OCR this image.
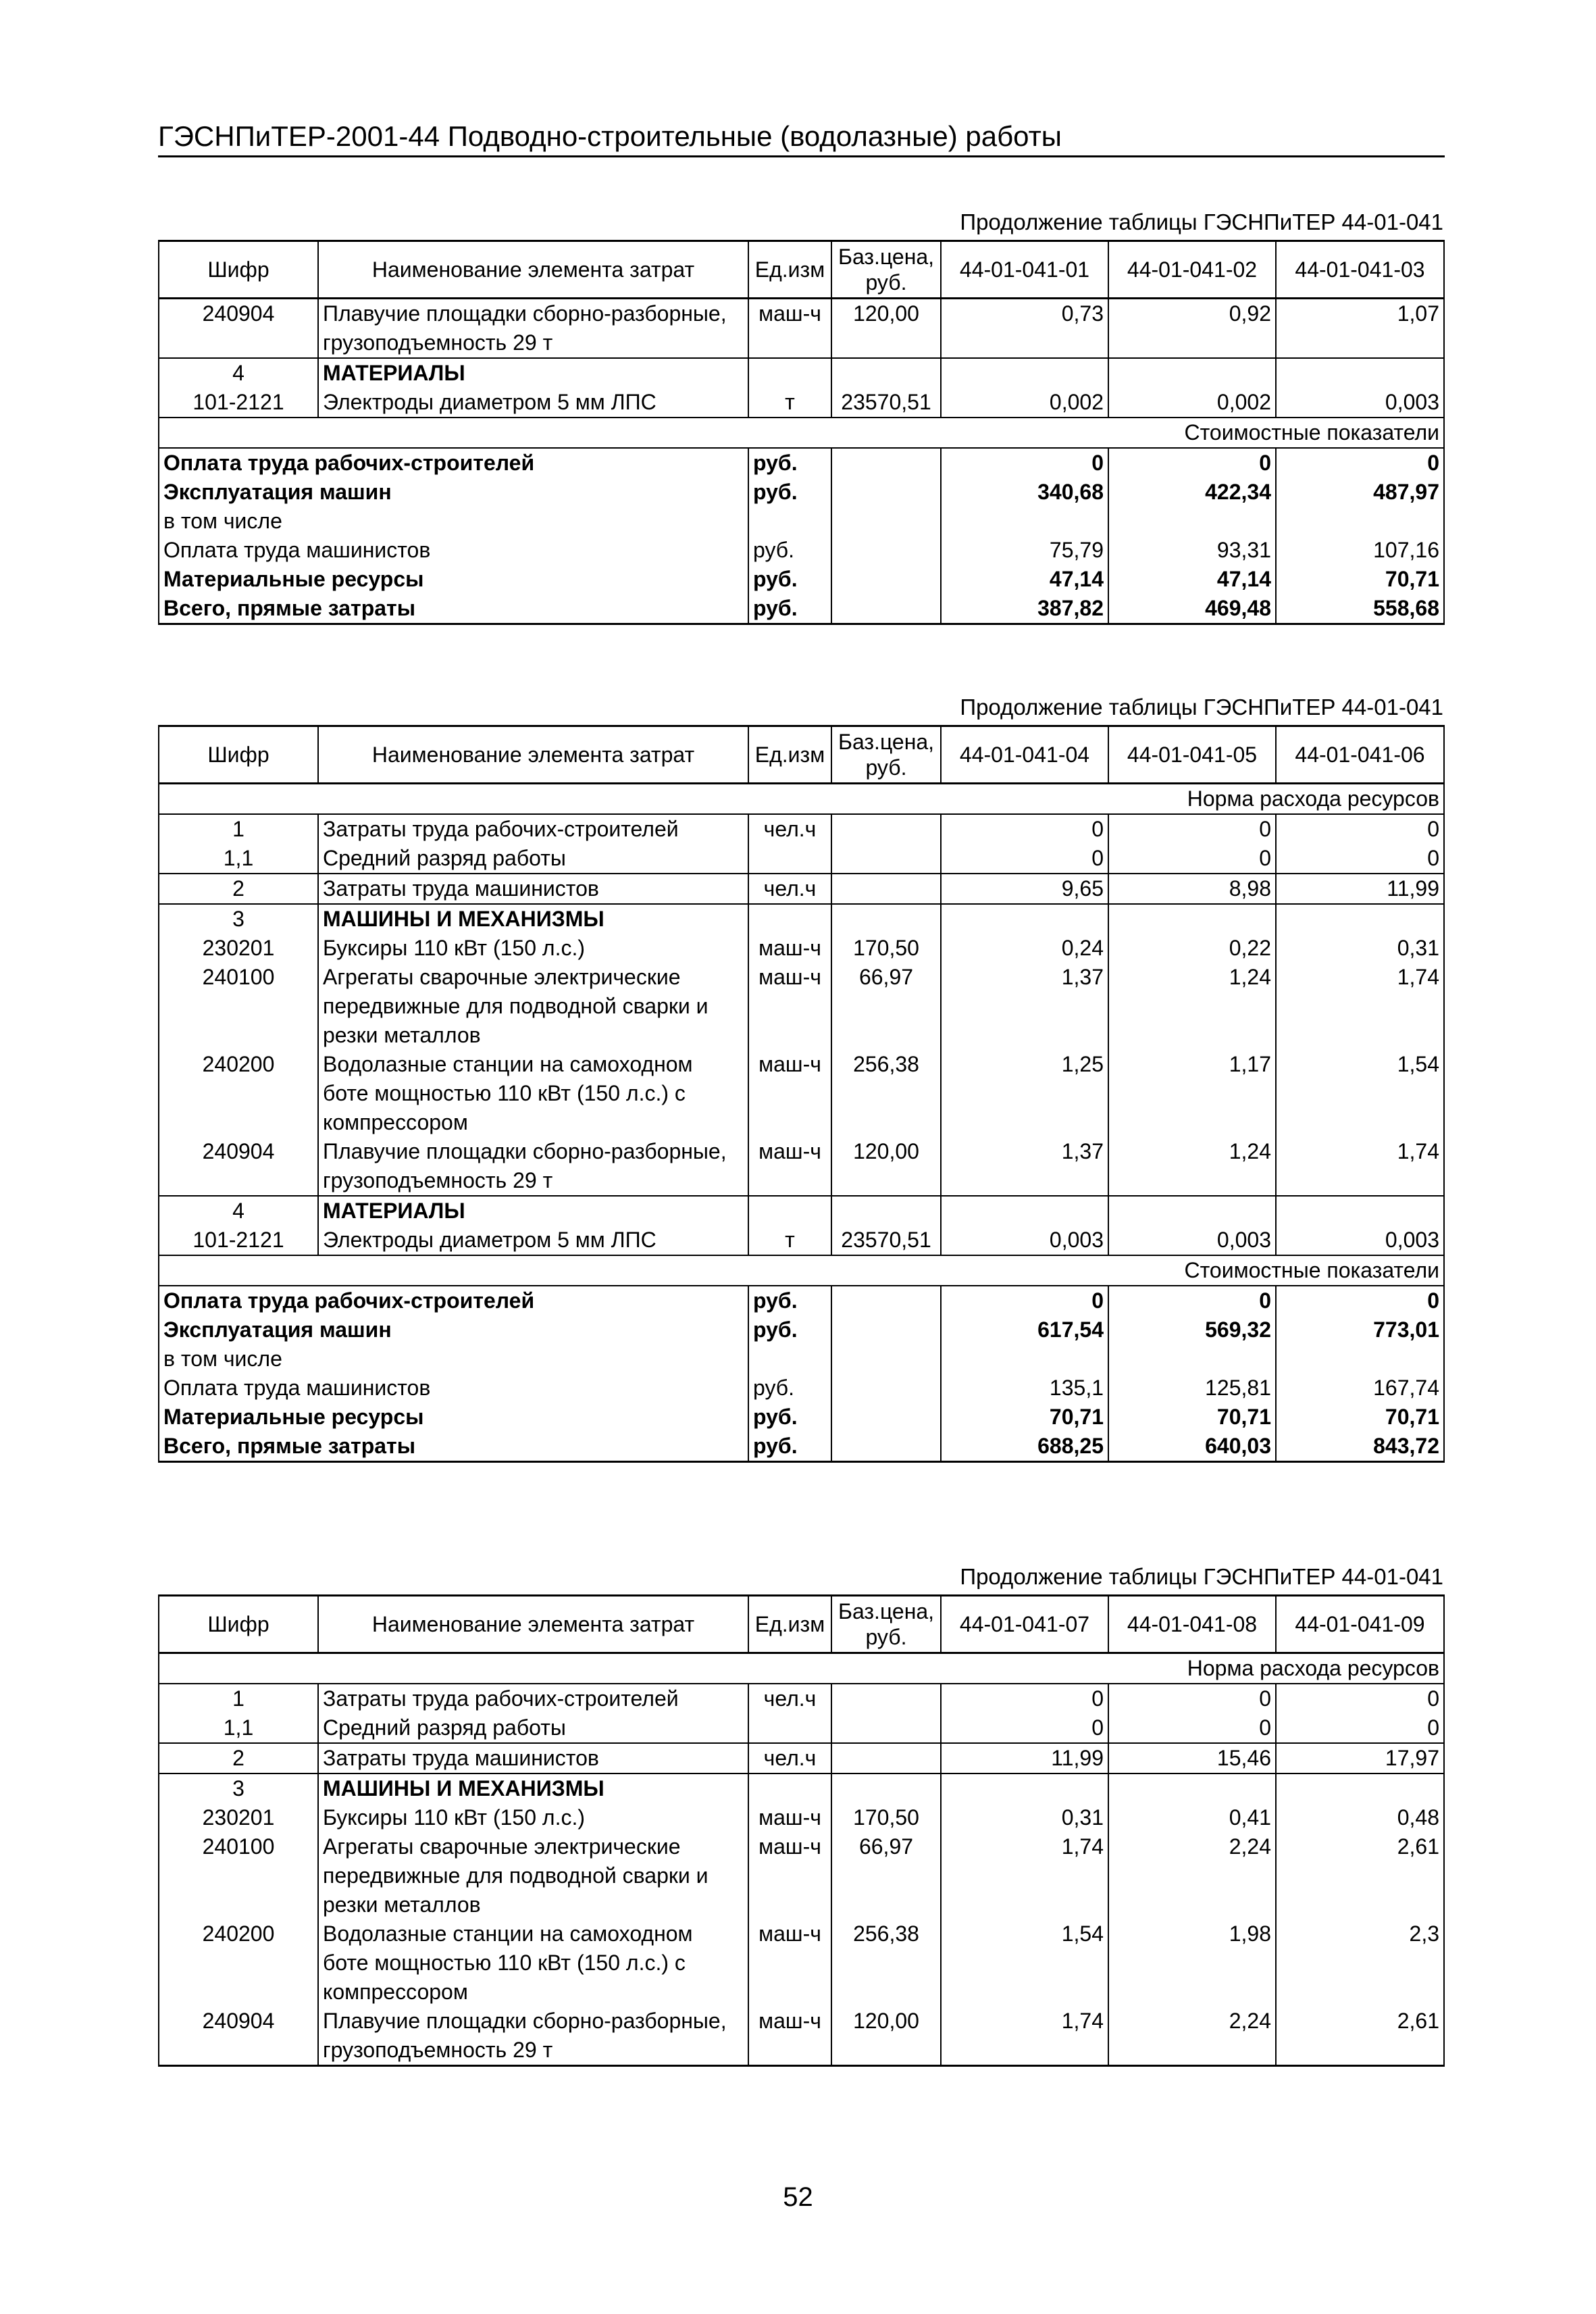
ГЭСНПиТЕР-2001-44 Подводно-строительные (водолазные) работы
Продолжение таблицы ГЭСНПиТЕР 44-01-041
Шифр	Наименование элемента затрат	Ед.изм	Баз.цена, руб.	44-01-041-01	44-01-041-02	44-01-041-03
240904	Плавучие площадки сборно-разборные, грузоподъемность 29 т	маш-ч	120,00	0,73	0,92	1,07
4	МАТЕРИАЛЫ					
101-2121	Электроды диаметром 5 мм ЛПС	т	23570,51	0,002	0,002	0,003
Стоимостные показатели						
Оплата труда рабочих-строителей		руб.		0	0	0
Эксплуатация машин		руб.		340,68	422,34	487,97
в том числе						
Оплата труда машинистов		руб.		75,79	93,31	107,16
Материальные ресурсы		руб.		47,14	47,14	70,71
Всего, прямые затраты		руб.		387,82	469,48	558,68
Продолжение таблицы ГЭСНПиТЕР 44-01-041
Шифр	Наименование элемента затрат	Ед.изм	Баз.цена, руб.	44-01-041-04	44-01-041-05	44-01-041-06
Норма расхода ресурсов						
1	Затраты труда рабочих-строителей	чел.ч		0	0	0
1,1	Средний разряд работы			0	0	0
2	Затраты труда машинистов	чел.ч		9,65	8,98	11,99
3	МАШИНЫ И МЕХАНИЗМЫ					
230201	Буксиры 110 кВт (150 л.с.)	маш-ч	170,50	0,24	0,22	0,31
240100	Агрегаты сварочные электрические передвижные для подводной сварки и резки металлов	маш-ч	66,97	1,37	1,24	1,74
240200	Водолазные станции на самоходном боте мощностью 110 кВт (150 л.с.) с компрессором	маш-ч	256,38	1,25	1,17	1,54
240904	Плавучие площадки сборно-разборные, грузоподъемность 29 т	маш-ч	120,00	1,37	1,24	1,74
4	МАТЕРИАЛЫ					
101-2121	Электроды диаметром 5 мм ЛПС	т	23570,51	0,003	0,003	0,003
Стоимостные показатели						
Оплата труда рабочих-строителей		руб.		0	0	0
Эксплуатация машин		руб.		617,54	569,32	773,01
в том числе						
Оплата труда машинистов		руб.		135,1	125,81	167,74
Материальные ресурсы		руб.		70,71	70,71	70,71
Всего, прямые затраты		руб.		688,25	640,03	843,72
Продолжение таблицы ГЭСНПиТЕР 44-01-041
Шифр	Наименование элемента затрат	Ед.изм	Баз.цена, руб.	44-01-041-07	44-01-041-08	44-01-041-09
Норма расхода ресурсов						
1	Затраты труда рабочих-строителей	чел.ч		0	0	0
1,1	Средний разряд работы			0	0	0
2	Затраты труда машинистов	чел.ч		11,99	15,46	17,97
3	МАШИНЫ И МЕХАНИЗМЫ					
230201	Буксиры 110 кВт (150 л.с.)	маш-ч	170,50	0,31	0,41	0,48
240100	Агрегаты сварочные электрические передвижные для подводной сварки и резки металлов	маш-ч	66,97	1,74	2,24	2,61
240200	Водолазные станции на самоходном боте мощностью 110 кВт (150 л.с.) с компрессором	маш-ч	256,38	1,54	1,98	2,3
240904	Плавучие площадки сборно-разборные, грузоподъемность 29 т	маш-ч	120,00	1,74	2,24	2,61
52
